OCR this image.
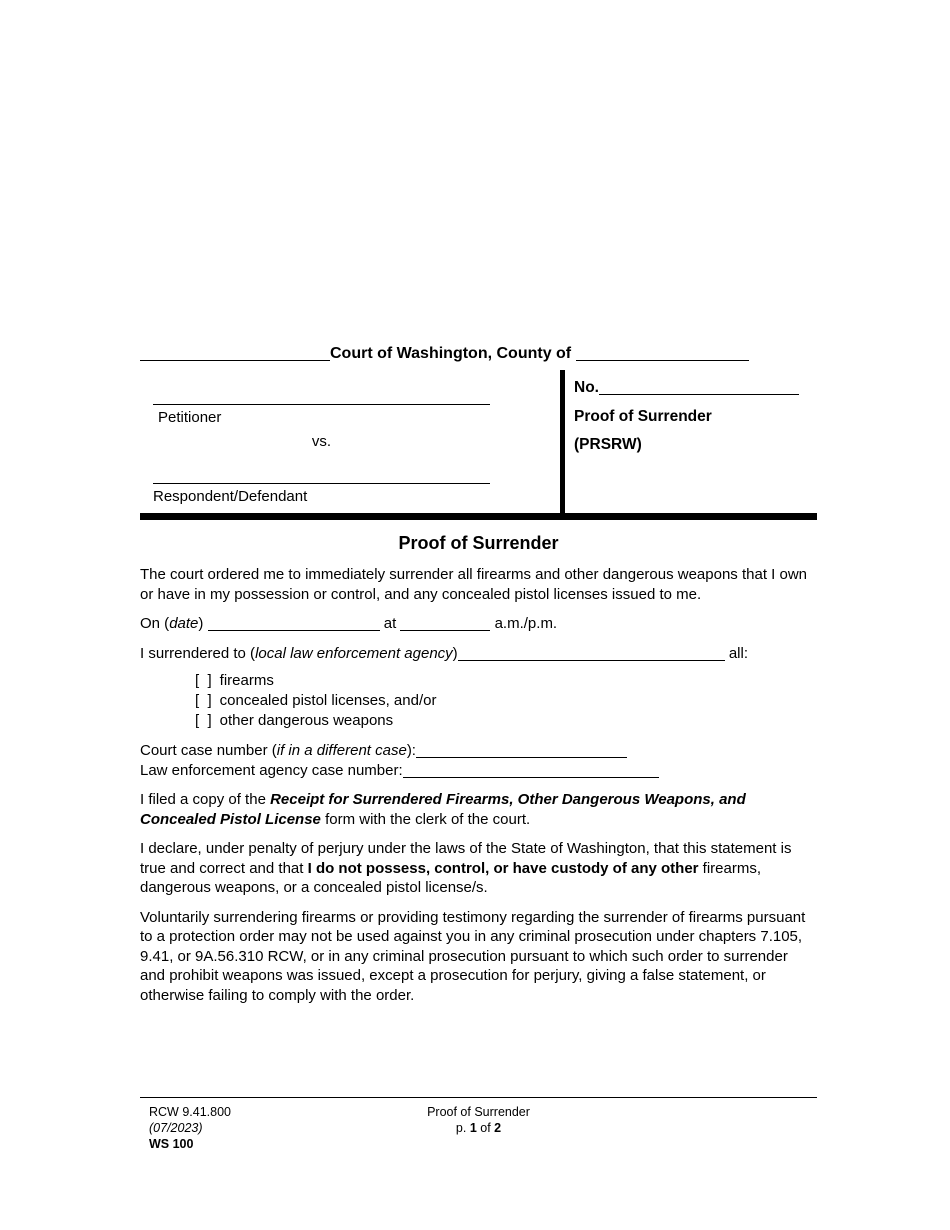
Court of Washington, County of
Petitioner
vs.
Respondent/Defendant
No.
Proof of Surrender
(PRSRW)
Proof of Surrender

The court ordered me to immediately surrender all firearms and other dangerous weapons that I own or have in my possession or control, and any concealed pistol licenses issued to me.

On (date)	at	a.m./p.m.

I surrendered to (local law enforcement agency)	all:

[  ] firearms
[  ] concealed pistol licenses, and/or
[  ] other dangerous weapons
Court case number (if in a different case):
Law enforcement agency case number:

I filed a copy of the Receipt for Surrendered Firearms, Other Dangerous Weapons, and Concealed Pistol License form with the clerk of the court.

I declare, under penalty of perjury under the laws of the State of Washington, that this statement is true and correct and that I do not possess, control, or have custody of any other firearms, dangerous weapons, or a concealed pistol license/s.

Voluntarily surrendering firearms or providing testimony regarding the surrender of firearms pursuant to a protection order may not be used against you in any criminal prosecution under chapters 7.105, 9.41, or 9A.56.310 RCW, or in any criminal prosecution pursuant to which such order to surrender and prohibit weapons was issued, except a prosecution for perjury, giving a false statement, or otherwise failing to comply with the order.

RCW 9.41.800
(07/2023)
WS 100
Proof of Surrender
p. 1 of 2
